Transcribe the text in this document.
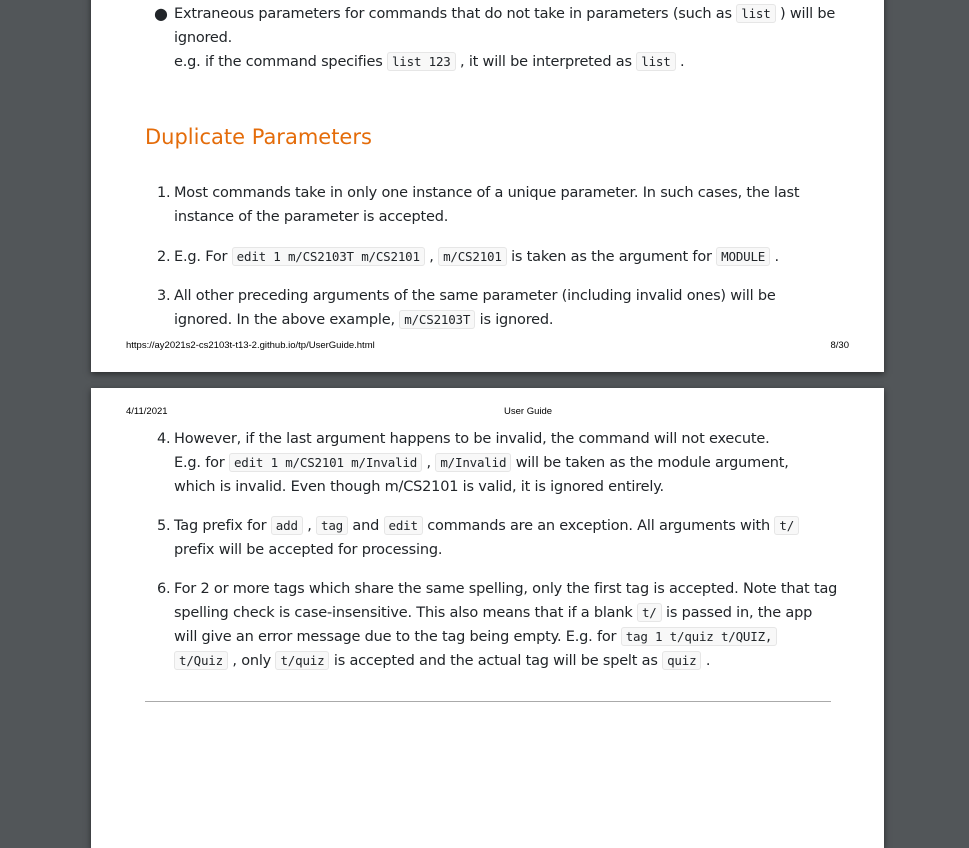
● Extraneous parameters for commands that do not take in parameters (such as list ) will be
ignored.
e.g. if the command specifies list 123 , it will be interpreted as list .
Duplicate Parameters
1. Most commands take in only one instance of a unique parameter. In such cases, the last
instance of the parameter is accepted.
2. E.g. For edit 1 m/CS2103T m/CS2101 , m/CS2101 is taken as the argument for MODULE .
3. All other preceding arguments of the same parameter (including invalid ones) will be
ignored. In the above example, m/CS2103T is ignored.
https://ay2021s2-cs2103t-t13-2.github.io/tp/UserGuide.html	8/30
4/11/2021	User Guide
4. However, if the last argument happens to be invalid, the command will not execute.
E.g. for edit 1 m/CS2101 m/Invalid , m/Invalid will be taken as the module argument,
which is invalid. Even though m/CS2101 is valid, it is ignored entirely.
5. Tag prefix for add , tag and edit commands are an exception. All arguments with t/
prefix will be accepted for processing.
6. For 2 or more tags which share the same spelling, only the first tag is accepted. Note that tag
spelling check is case-insensitive. This also means that if a blank t/ is passed in, the app
will give an error message due to the tag being empty. E.g. for tag 1 t/quiz t/QUIZ,
t/Quiz , only t/quiz is accepted and the actual tag will be spelt as quiz .
